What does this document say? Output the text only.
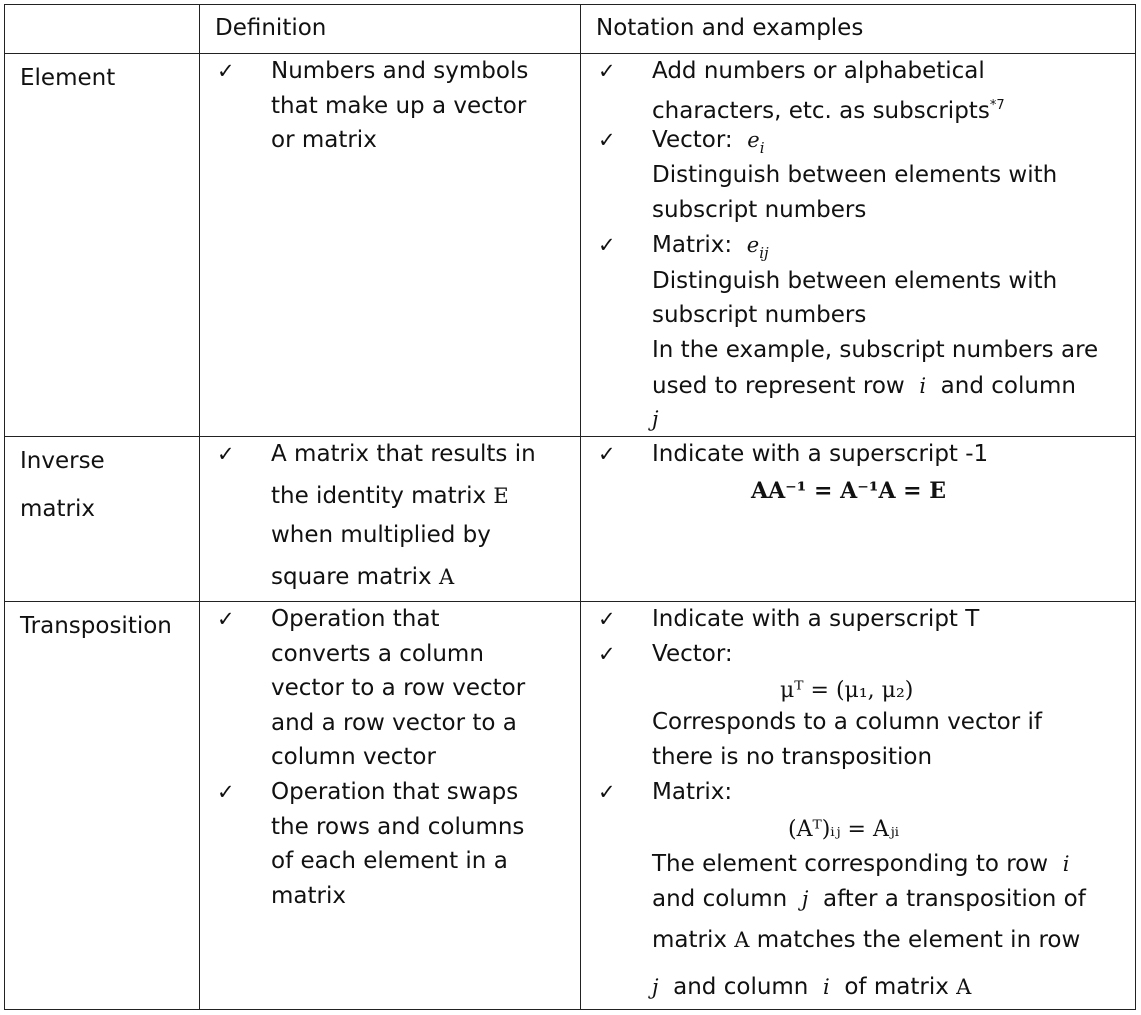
Definition	Notation and examples
Element	✓ Numbers and symbols
that make up a vector
or matrix
✓ Add numbers or alphabetical
characters, etc. as subscripts$^{*7}$
✓ Vector: $e_i$
Distinguish between elements with
subscript numbers
✓ Matrix: $e_{ij}$
Distinguish between elements with
subscript numbers
In the example, subscript numbers are
used to represent row i and column
j
Inverse
matrix
✓ A matrix that results in
the identity matrix E
when multiplied by
square matrix A
✓ Indicate with a superscript -1
AA⁻¹ = A⁻¹A = E
Transposition ✓ Operation that
converts a column
vector to a row vector
and a row vector to a
column vector
✓ Operation that swaps
the rows and columns
of each element in a
matrix
✓ Indicate with a superscript T
✓ Vector:
μᵀ = (μ₁, μ₂)
Corresponds to a column vector if
there is no transposition
✓ Matrix:
(Aᵀ)ᵢⱼ = Aⱼᵢ
The element corresponding to row i
and column j after a transposition of
matrix A matches the element in row
j and column i of matrix A
